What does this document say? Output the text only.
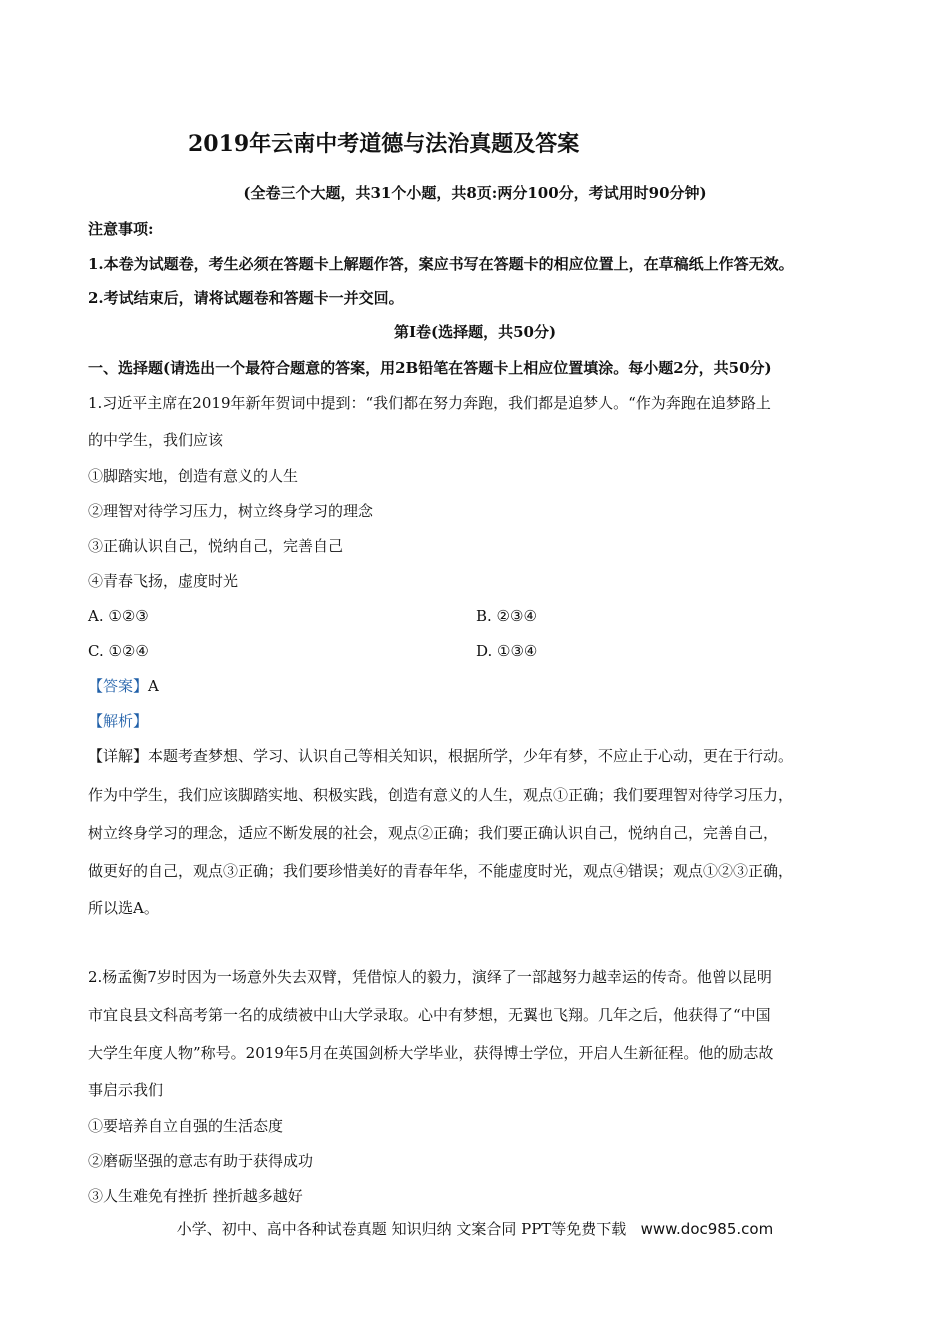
2019年云南中考道德与法治真题及答案
(全卷三个大题，共31个小题，共8页:两分100分，考试用时90分钟)
注意事项:
1.本卷为试题卷，考生必须在答题卡上解题作答，案应书写在答题卡的相应位置上，在草稿纸上作答无效。
2.考试结束后，请将试题卷和答题卡一并交回。
第Ⅰ卷(选择题，共50分)
一、选择题(请选出一个最符合题意的答案，用2B铅笔在答题卡上相应位置填涂。每小题2分，共50分)
1.习近平主席在2019年新年贺词中提到：“我们都在努力奔跑，我们都是追梦人。“作为奔跑在追梦路上
的中学生，我们应该
①脚踏实地，创造有意义的人生
②理智对待学习压力，树立终身学习的理念
③正确认识自己，悦纳自己，完善自己
④青春飞扬，虚度时光
A. ①②③	B. ②③④
C. ①②④	D. ①③④
【答案】A
【解析】
【详解】本题考查梦想、学习、认识自己等相关知识，根据所学，少年有梦，不应止于心动，更在于行动。
作为中学生，我们应该脚踏实地、积极实践，创造有意义的人生，观点①正确；我们要理智对待学习压力，
树立终身学习的理念，适应不断发展的社会，观点②正确；我们要正确认识自己，悦纳自己，完善自己，
做更好的自己，观点③正确；我们要珍惜美好的青春年华，不能虚度时光，观点④错误；观点①②③正确，
所以选A。
2.杨孟衡7岁时因为一场意外失去双臂，凭借惊人的毅力，演绎了一部越努力越幸运的传奇。他曾以昆明
市宜良县文科高考第一名的成绩被中山大学录取。心中有梦想，无翼也飞翔。几年之后，他获得了“中国
大学生年度人物”称号。2019年5月在英国剑桥大学毕业，获得博士学位，开启人生新征程。他的励志故
事启示我们
①要培养自立自强的生活态度
②磨砺坚强的意志有助于获得成功
③人生难免有挫折 挫折越多越好
小学、初中、高中各种试卷真题 知识归纳 文案合同 PPT等免费下载 www.doc985.com
